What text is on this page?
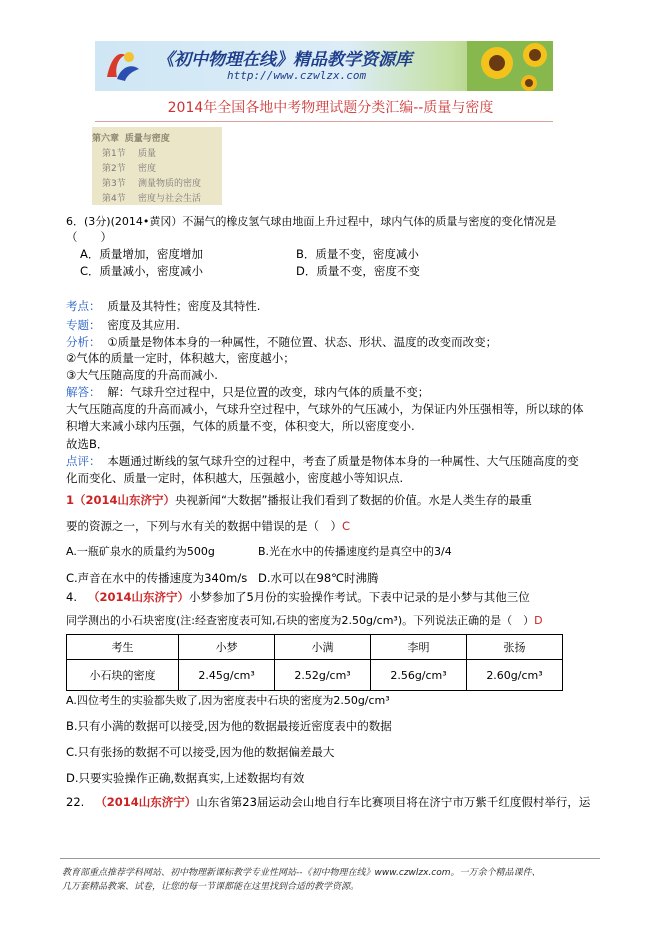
《初中物理在线》精品教学资源库
http://www.czwlzx.com
2014年全国各地中考物理试题分类汇编--质量与密度
第六章 质量与密度
第1节 质量
第2节 密度
第3节 测量物质的密度
第4节 密度与社会生活
6．(3分)(2014•黄冈）不漏气的橡皮氢气球由地面上升过程中，球内气体的质量与密度的变化情况是
（　　）
A．质量增加，密度增加	B．质量不变，密度减小
C．质量减小，密度减小	D．质量不变，密度不变
考点： 质量及其特性；密度及其特性.
专题： 密度及其应用.
分析： ①质量是物体本身的一种属性，不随位置、状态、形状、温度的改变而改变；
②气体的质量一定时，体积越大，密度越小；
③大气压随高度的升高而减小.
解答： 解：气球升空过程中，只是位置的改变，球内气体的质量不变；
大气压随高度的升高而减小，气球升空过程中，气球外的气压减小，为保证内外压强相等，所以球的体
积增大来减小球内压强，气体的质量不变，体积变大，所以密度变小.
故选B．
点评： 本题通过断线的氢气球升空的过程中，考查了质量是物体本身的一种属性、大气压随高度的变
化而变化、质量一定时，体积越大，压强越小，密度越小等知识点.
1（2014山东济宁）央视新闻“大数据”播报让我们看到了数据的价值。水是人类生存的最重
要的资源之一，下列与水有关的数据中错误的是（　）C
A.一瓶矿泉水的质量约为500g	B.光在水中的传播速度约是真空中的3/4
C.声音在水中的传播速度为340m/s D.水可以在98℃时沸腾
4. （2014山东济宁）小梦参加了5月份的实验操作考试。下表中记录的是小梦与其他三位
同学测出的小石块密度(注:经查密度表可知,石块的密度为2.50g/cm³)。下列说法正确的是（　）D
考生	小梦	小满	李明	张扬
小石块的密度	2.45g/cm³	2.52g/cm³	2.56g/cm³	2.60g/cm³
A.四位考生的实验都失败了,因为密度表中石块的密度为2.50g/cm³
B.只有小满的数据可以接受,因为他的数据最接近密度表中的数据
C.只有张扬的数据不可以接受,因为他的数据偏差最大
D.只要实验操作正确,数据真实,上述数据均有效
22. （2014山东济宁）山东省第23届运动会山地自行车比赛项目将在济宁市万紫千红度假村举行，运
教育部重点推荐学科网站、初中物理新课标教学专业性网站--《初中物理在线》www.czwlzx.com。一万余个精品课件、
几万套精品教案、试卷，让您的每一节课都能在这里找到合适的教学资源。
